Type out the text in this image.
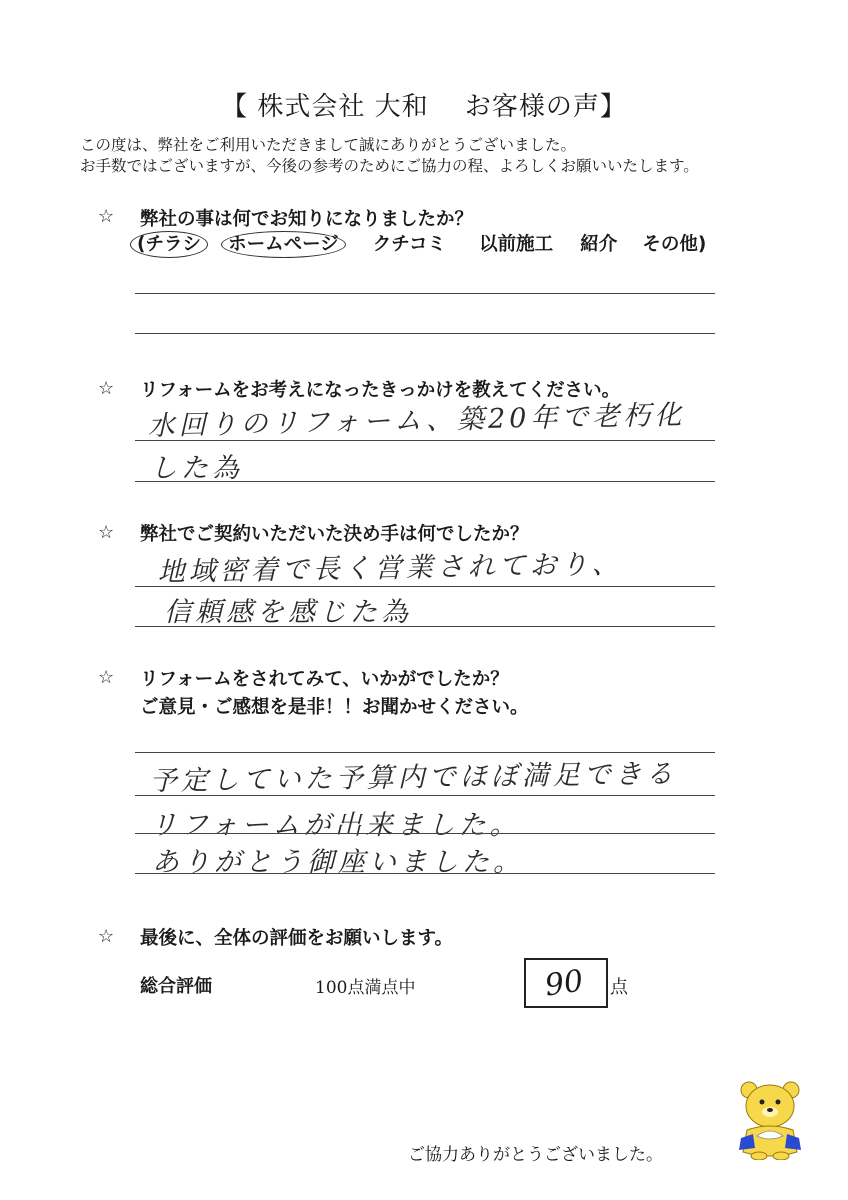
【 株式会社 大和　 お客様の声】
この度は、弊社をご利用いただきまして誠にありがとうございました。
お手数ではございますが、今後の参考のためにご協力の程、よろしくお願いいたします。
☆ 弊社の事は何でお知りになりましたか？
(チラシ ホームページ クチコミ 以前施工 紹介 その他)
☆ リフォームをお考えになったきっかけを教えてください。
水回りのリフォーム、築20年で老朽化
した為
☆ 弊社でご契約いただいた決め手は何でしたか？
地域密着で長く営業されており、
信頼感を感じた為
☆ リフォームをされてみて、いかがでしたか？
ご意見・ご感想を是非！！お聞かせください。
予定していた予算内でほぼ満足できる
リフォームが出来ました。
ありがとう御座いました。
☆ 最後に、全体の評価をお願いします。
総合評価	100点満点中	90 点
ご協力ありがとうございました。
